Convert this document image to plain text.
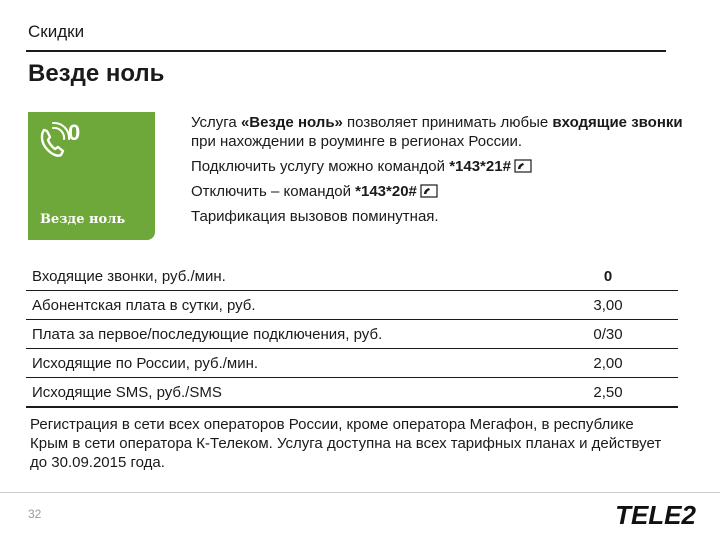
Скидки
Везде ноль
0
Везде ноль

Услуга «Везде ноль» позволяет принимать любые входящие звонки при нахождении в роуминге в регионах России.

Подключить услугу можно командой *143*21#

Отключить – командой *143*20#

Тарификация вызовов поминутная.

Входящие звонки, руб./мин.	0
Абонентская плата в сутки, руб.	3,00
Плата за первое/последующие подключения, руб.	0/30
Исходящие по России, руб./мин.	2,00
Исходящие SMS, руб./SMS	2,50
Регистрация в сети всех операторов России, кроме оператора Мегафон, в республике Крым в сети оператора К-Телеком. Услуга доступна на всех тарифных планах и действует до 30.09.2015 года.
32	TELE2
